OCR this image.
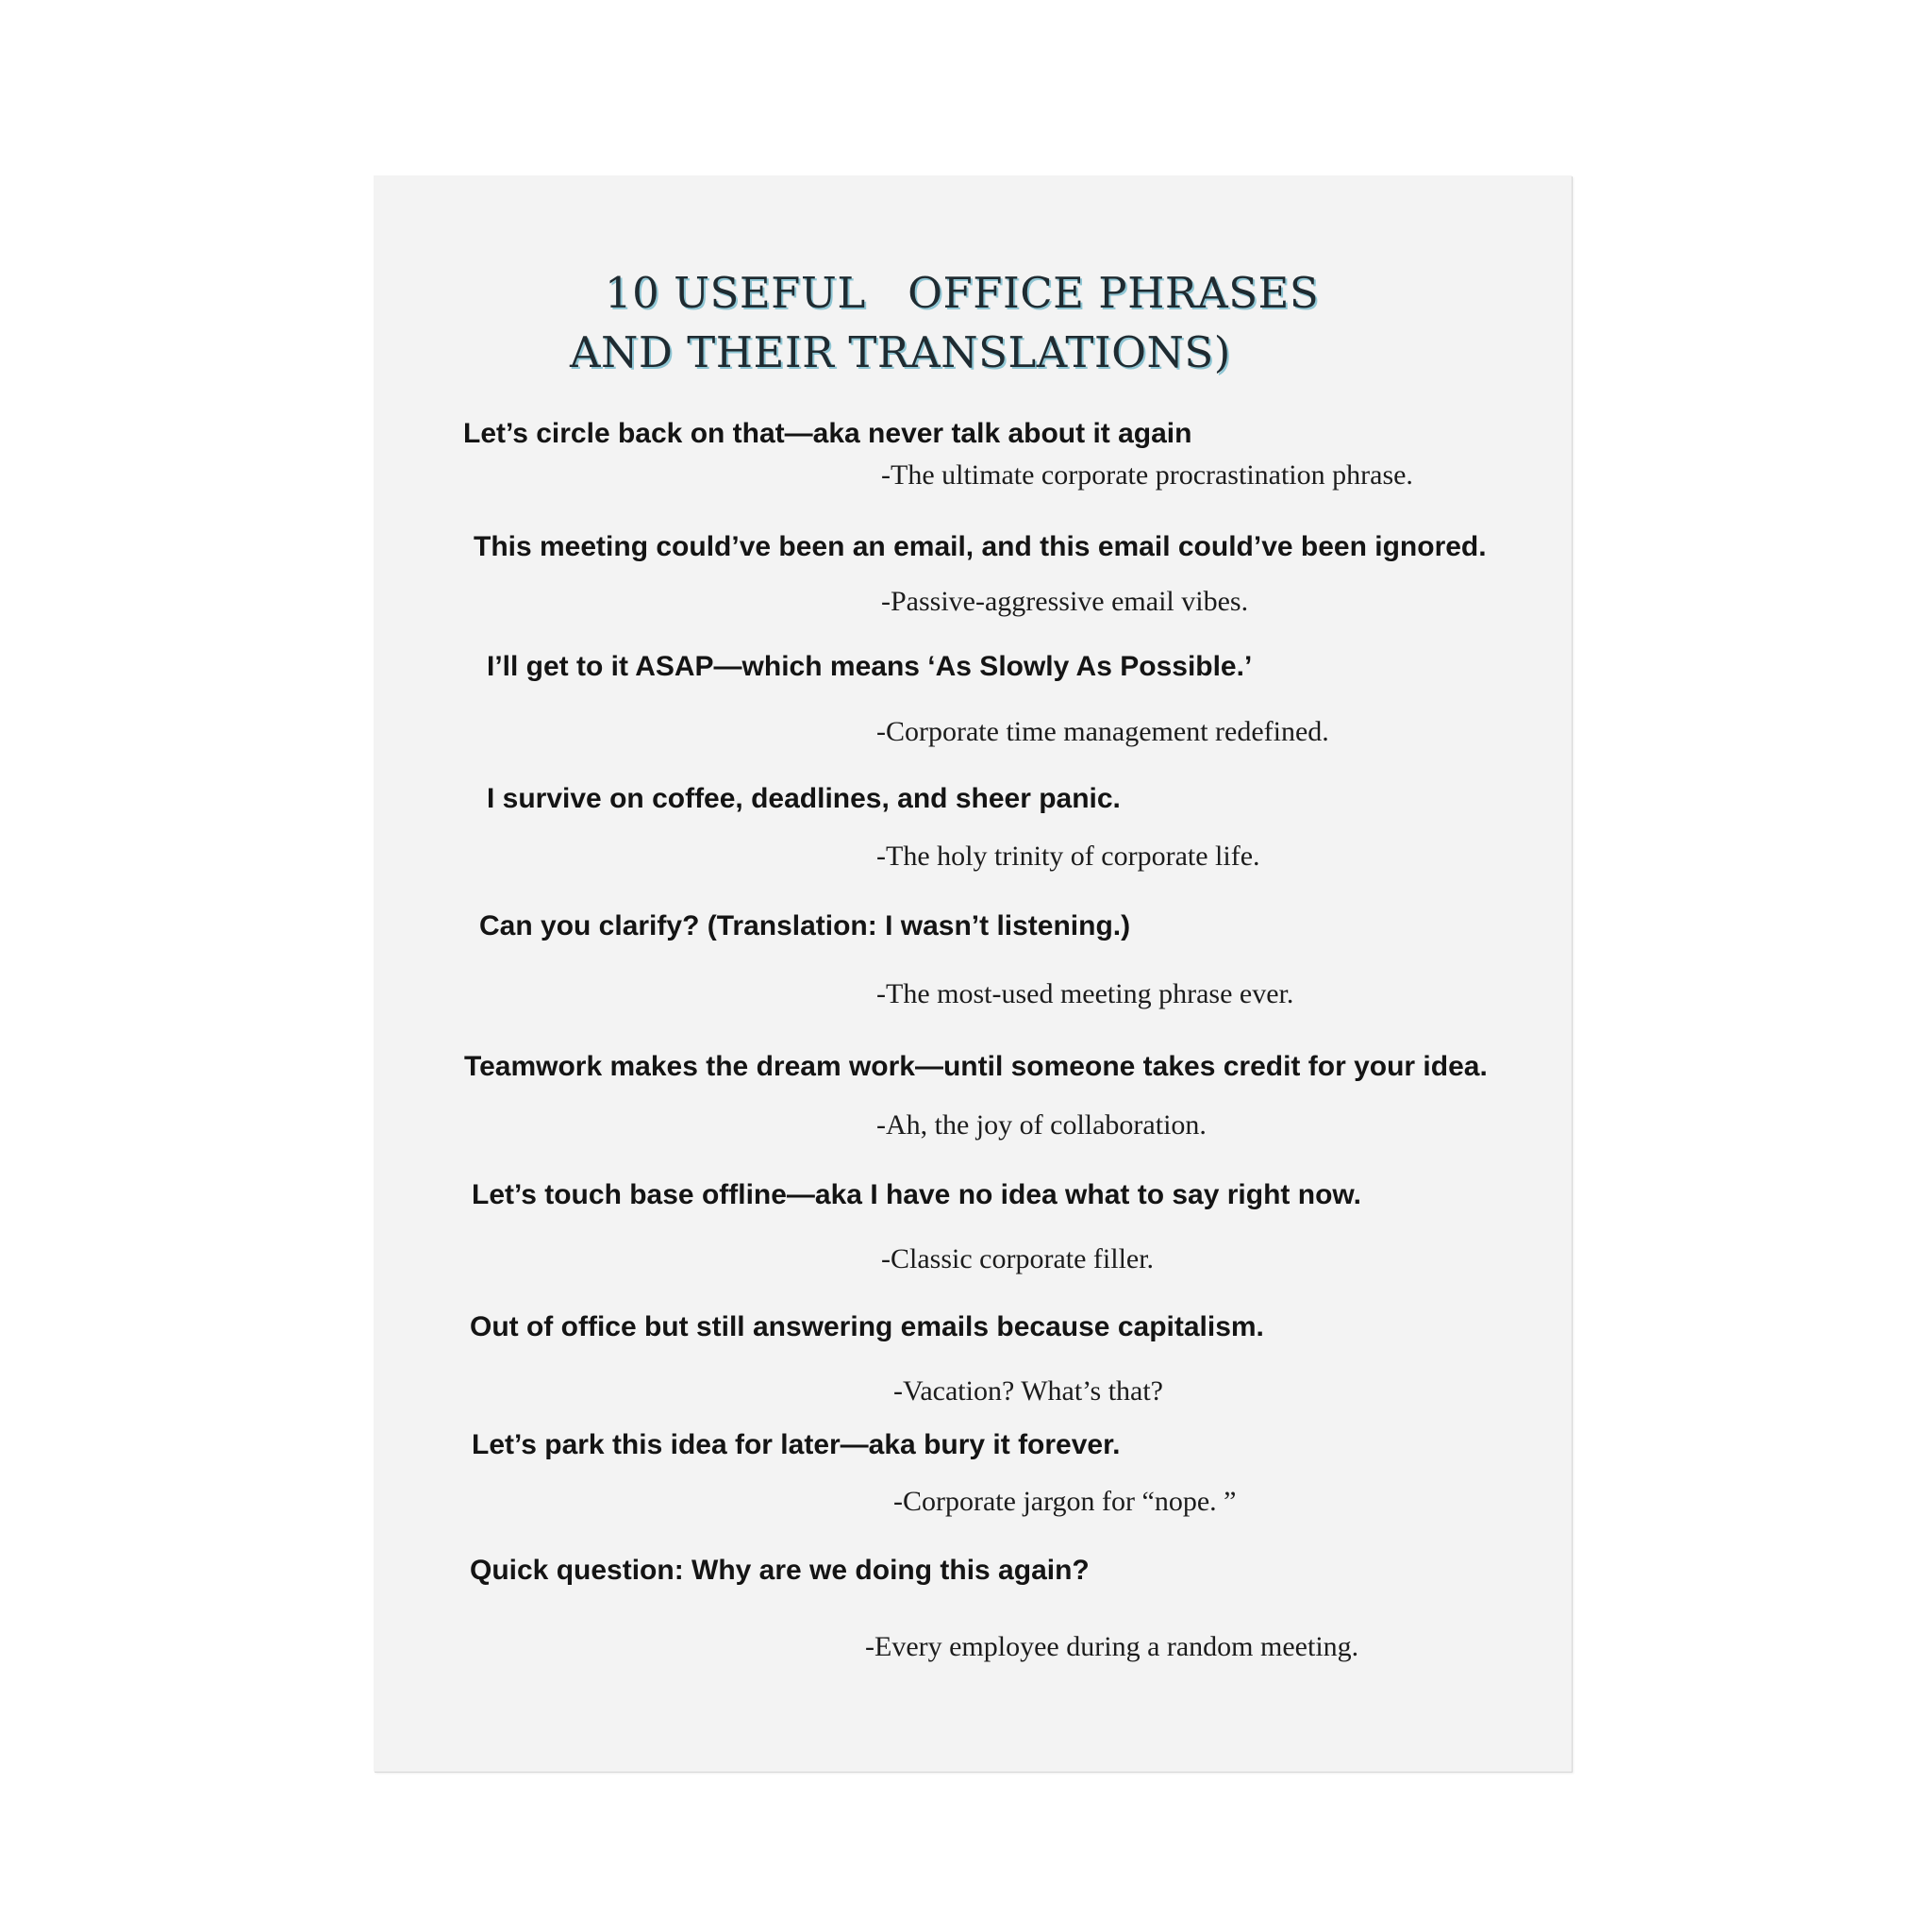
10 USEFUL   OFFICE PHRASES
AND THEIR TRANSLATIONS)
Let’s circle back on that—aka never talk about it again
-The ultimate corporate procrastination phrase.
This meeting could’ve been an email, and this email could’ve been ignored.
-Passive-aggressive email vibes.
I’ll get to it ASAP—which means ‘As Slowly As Possible.’
-Corporate time management redefined.
I survive on coffee, deadlines, and sheer panic.
-The holy trinity of corporate life.
Can you clarify? (Translation: I wasn’t listening.)
-The most-used meeting phrase ever.
Teamwork makes the dream work—until someone takes credit for your idea.
-Ah, the joy of collaboration.
Let’s touch base offline—aka I have no idea what to say right now.
-Classic corporate filler.
Out of office but still answering emails because capitalism.
-Vacation? What’s that?
Let’s park this idea for later—aka bury it forever.
-Corporate jargon for “nope. ”
Quick question: Why are we doing this again?
-Every employee during a random meeting.
